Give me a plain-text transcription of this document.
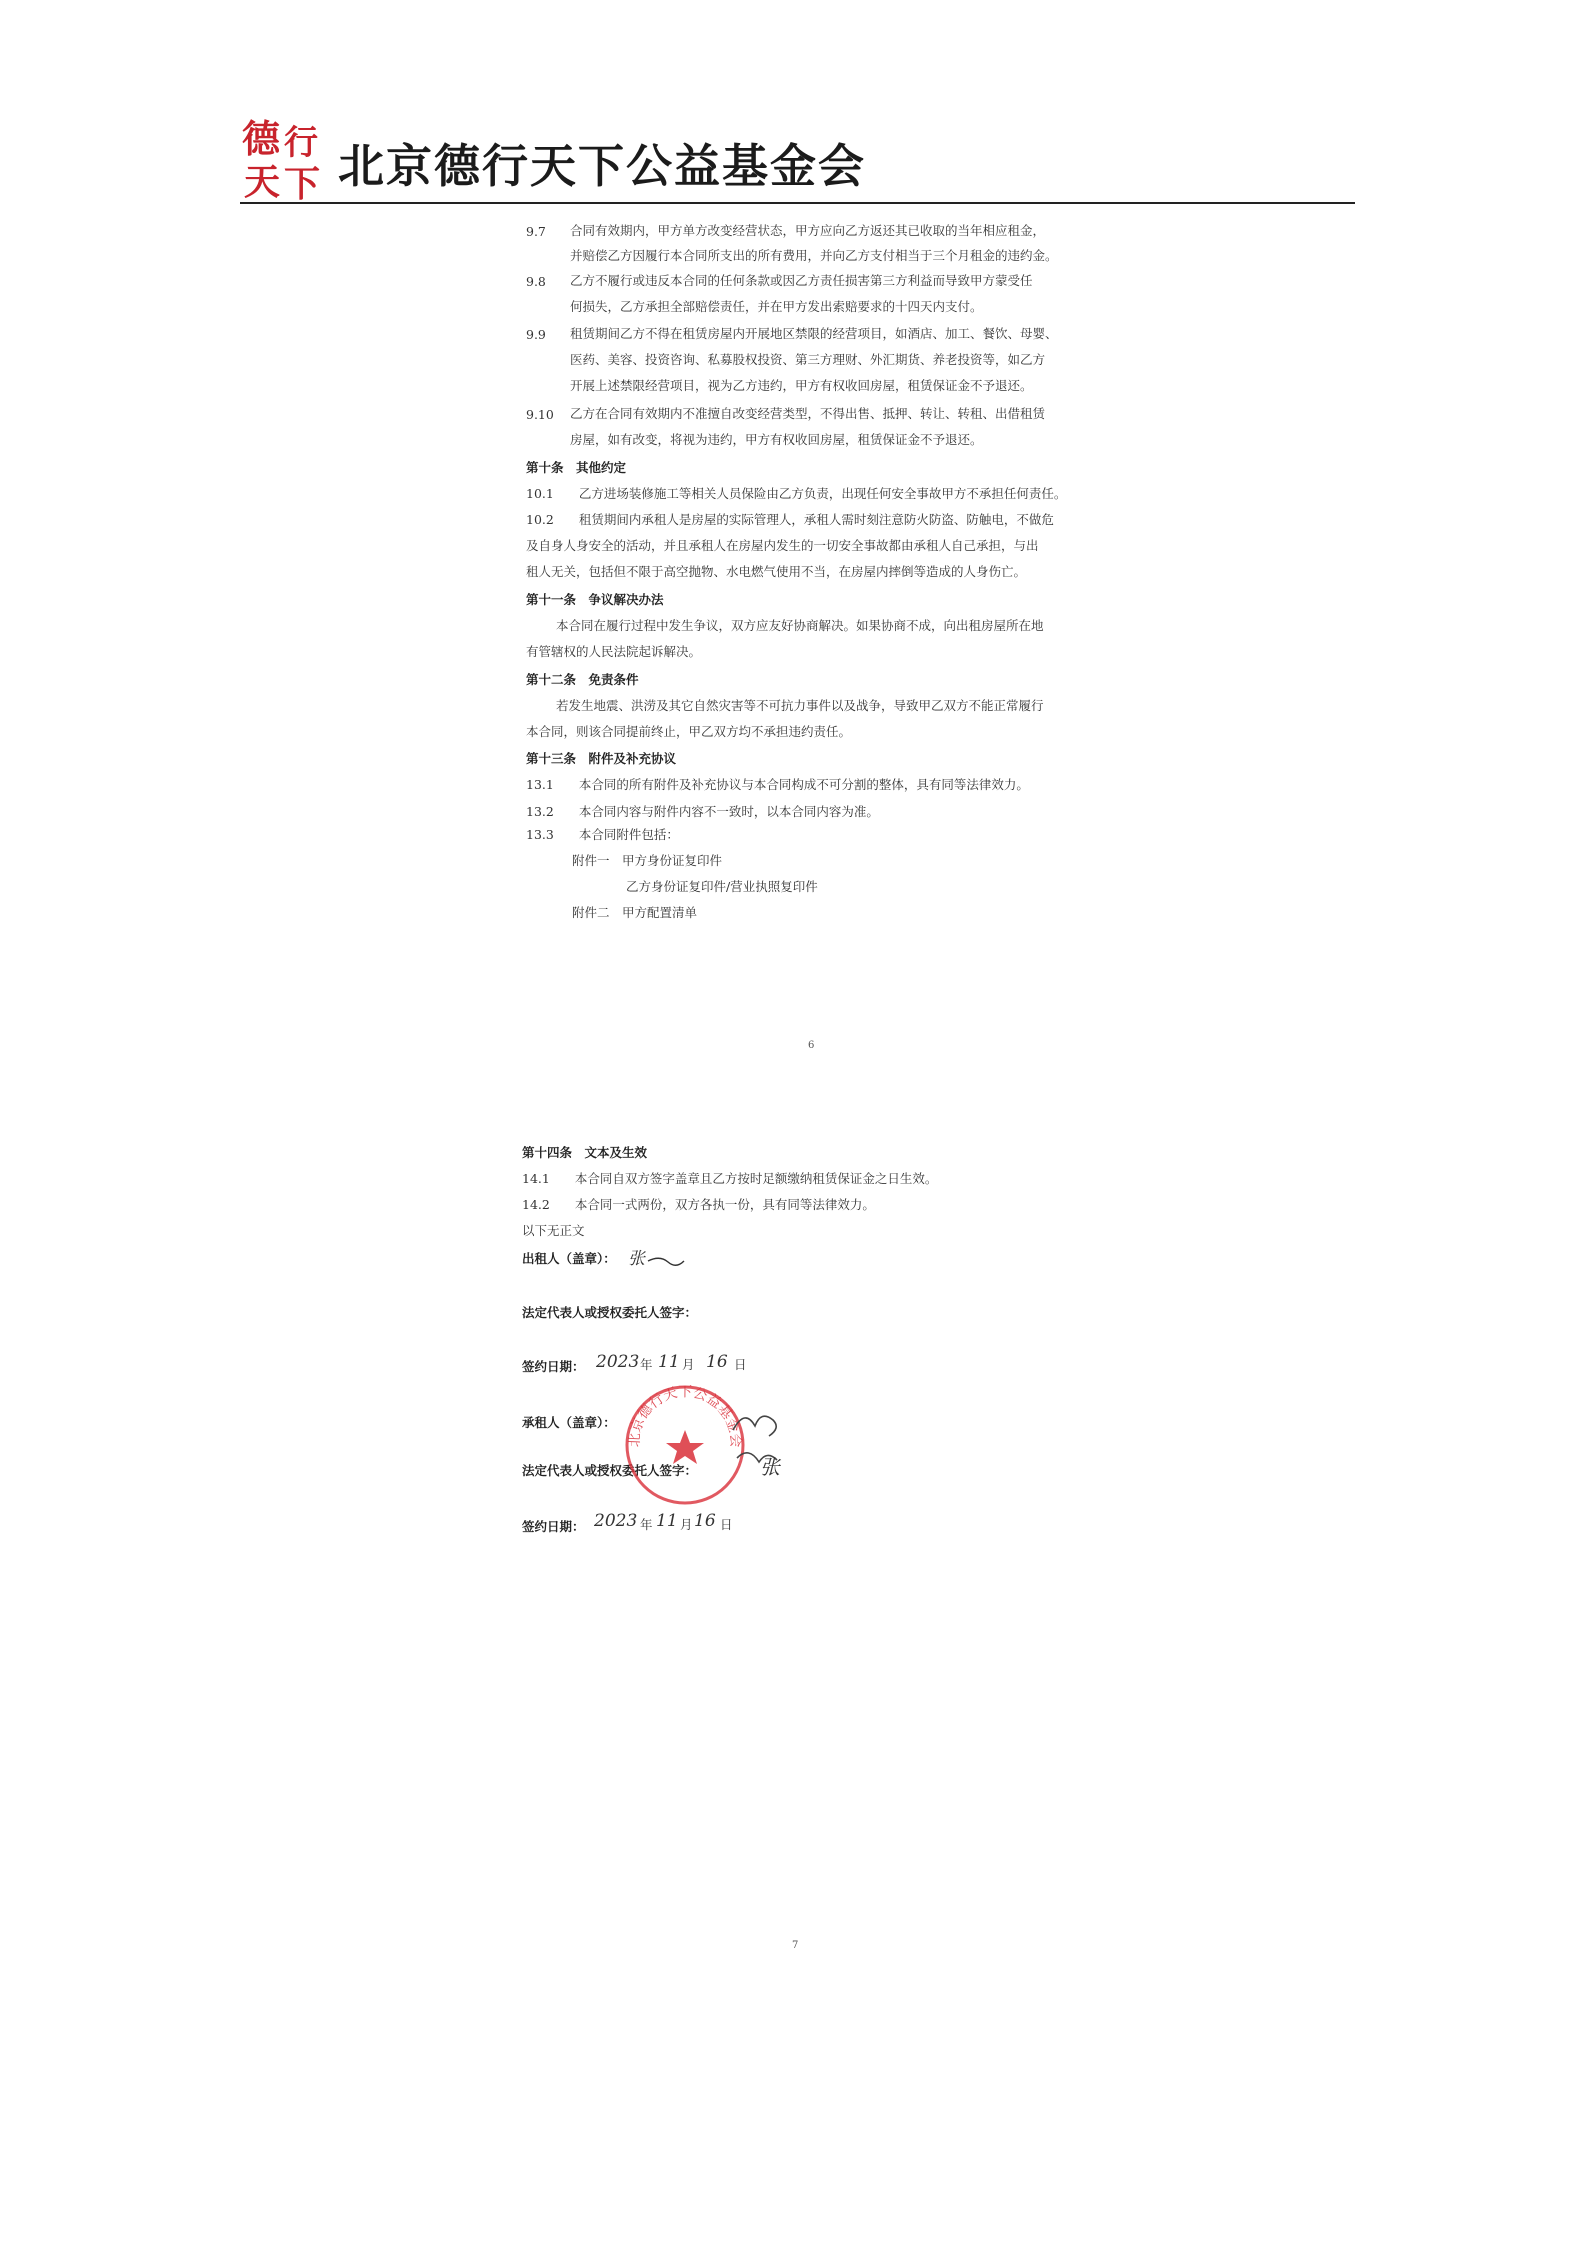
德 行
天 下 北京德行天下公益基金会
9.7 合同有效期内，甲方单方改变经营状态，甲方应向乙方返还其已收取的当年相应租金，
并赔偿乙方因履行本合同所支出的所有费用，并向乙方支付相当于三个月租金的违约金。
9.8 乙方不履行或违反本合同的任何条款或因乙方责任损害第三方利益而导致甲方蒙受任
何损失，乙方承担全部赔偿责任，并在甲方发出索赔要求的十四天内支付。
9.9 租赁期间乙方不得在租赁房屋内开展地区禁限的经营项目，如酒店、加工、餐饮、母婴、
医药、美容、投资咨询、私募股权投资、第三方理财、外汇期货、养老投资等，如乙方
开展上述禁限经营项目，视为乙方违约，甲方有权收回房屋，租赁保证金不予退还。
9.10 乙方在合同有效期内不准擅自改变经营类型，不得出售、抵押、转让、转租、出借租赁
房屋，如有改变，将视为违约，甲方有权收回房屋，租赁保证金不予退还。
第十条　其他约定
10.1　　乙方进场装修施工等相关人员保险由乙方负责，出现任何安全事故甲方不承担任何责任。
10.2　　租赁期间内承租人是房屋的实际管理人，承租人需时刻注意防火防盗、防触电，不做危
及自身人身安全的活动，并且承租人在房屋内发生的一切安全事故都由承租人自己承担，与出
租人无关，包括但不限于高空抛物、水电燃气使用不当，在房屋内摔倒等造成的人身伤亡。
第十一条　争议解决办法
本合同在履行过程中发生争议，双方应友好协商解决。如果协商不成，向出租房屋所在地
有管辖权的人民法院起诉解决。
第十二条　免责条件
若发生地震、洪涝及其它自然灾害等不可抗力事件以及战争，导致甲乙双方不能正常履行
本合同，则该合同提前终止，甲乙双方均不承担违约责任。
第十三条　附件及补充协议
13.1　　本合同的所有附件及补充协议与本合同构成不可分割的整体，具有同等法律效力。
13.2　　本合同内容与附件内容不一致时，以本合同内容为准。
13.3　　本合同附件包括：
附件一　甲方身份证复印件
乙方身份证复印件/营业执照复印件
附件二　甲方配置清单
6
第十四条　文本及生效
14.1　　本合同自双方签字盖章且乙方按时足额缴纳租赁保证金之日生效。
14.2　　本合同一式两份，双方各执一份，具有同等法律效力。
以下无正文
出租人（盖章）： 张
法定代表人或授权委托人签字：
签约日期： 2023 年 11 月 16 日
承租人（盖章）：
法定代表人或授权委托人签字：
北京德行天下公益基金会
张
签约日期： 2023 年 11 月 16 日
7
